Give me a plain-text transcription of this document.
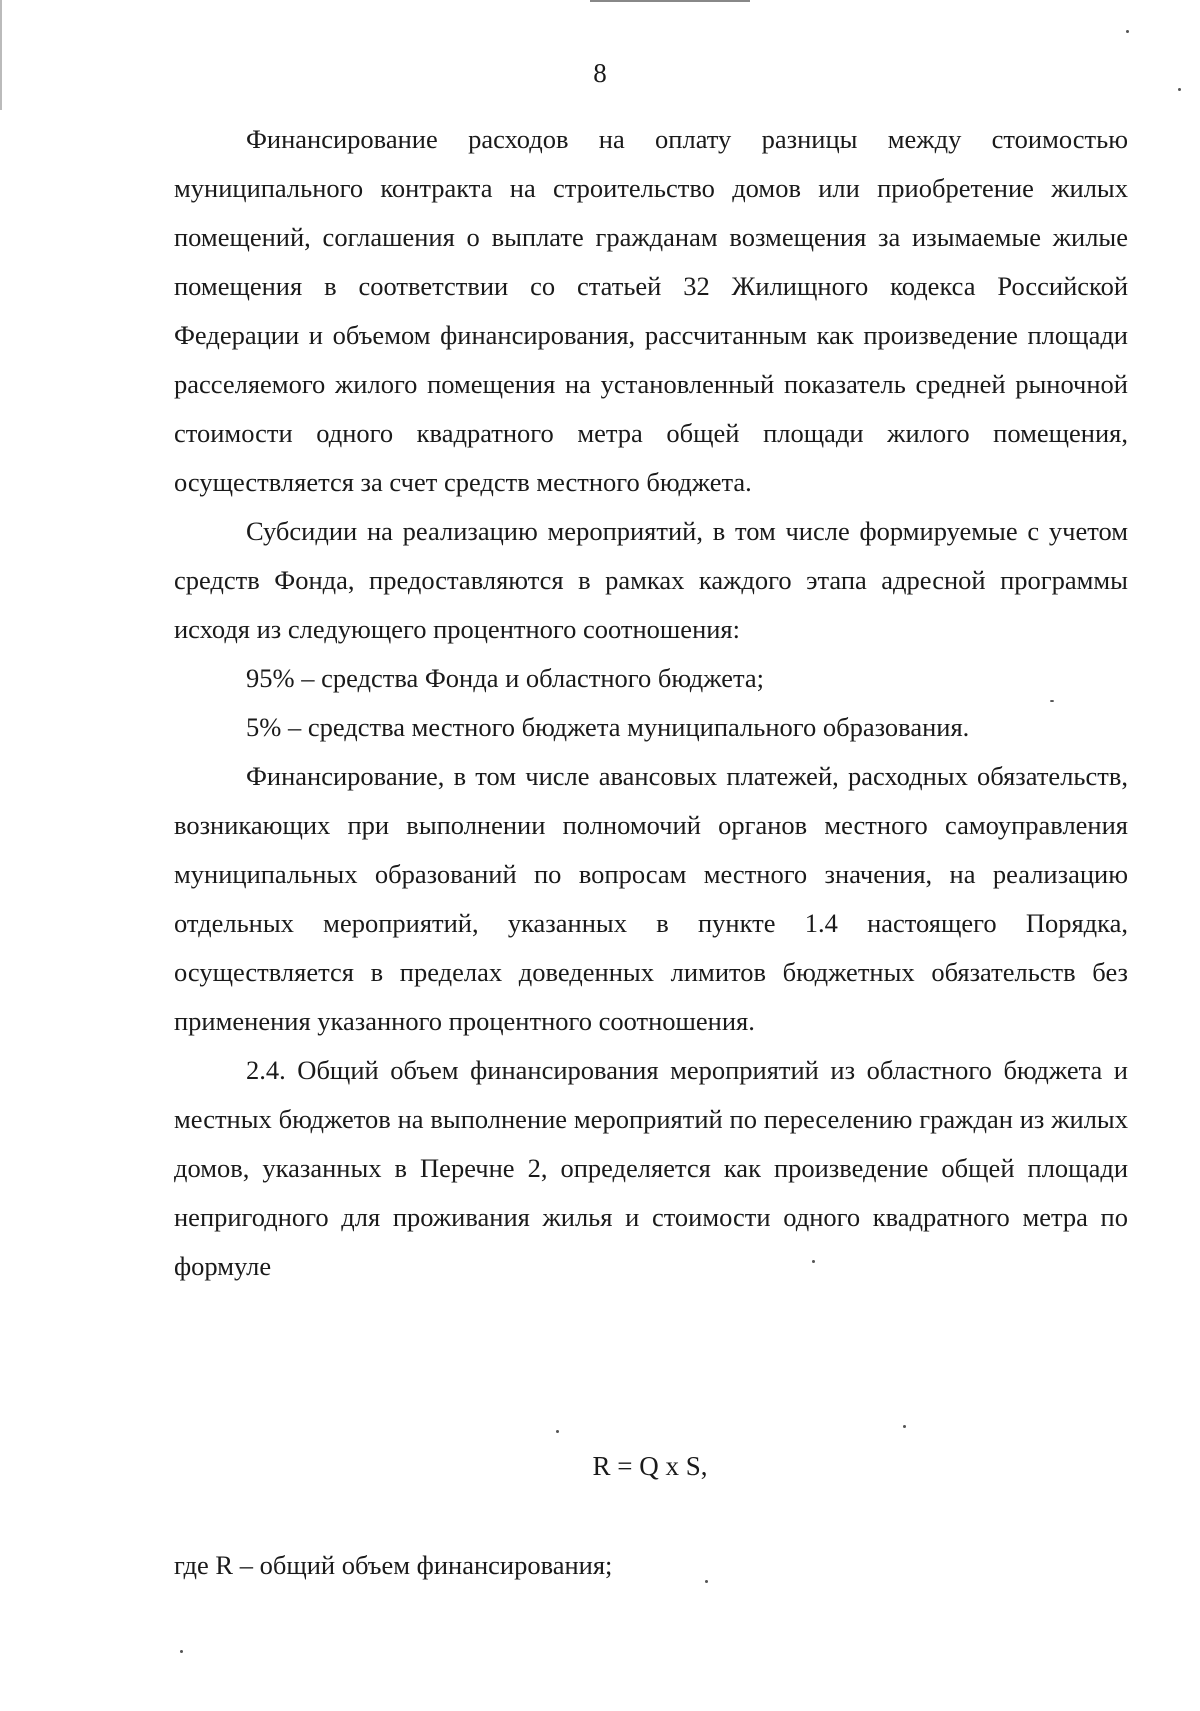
8

Финансирование расходов на оплату разницы между стоимостью муниципального контракта на строительство домов или приобретение жилых помещений, соглашения о выплате гражданам возмещения за изымаемые жилые помещения в соответствии со статьей 32 Жилищного кодекса Российской Федерации и объемом финансирования, рассчитанным как произведение площади расселяемого жилого помещения на установленный показатель средней рыночной стоимости одного квадратного метра общей площади жилого помещения, осуществляется за счет средств местного бюджета.

Субсидии на реализацию мероприятий, в том числе формируемые с учетом средств Фонда, предоставляются в рамках каждого этапа адресной программы исходя из следующего процентного соотношения:

95% – средства Фонда и областного бюджета;

5% – средства местного бюджета муниципального образования.

Финансирование, в том числе авансовых платежей, расходных обязательств, возникающих при выполнении полномочий органов местного самоуправления муниципальных образований по вопросам местного значения, на реализацию отдельных мероприятий, указанных в пункте 1.4 настоящего Порядка, осуществляется в пределах доведенных лимитов бюджетных обязательств без применения указанного процентного соотношения.

2.4. Общий объем финансирования мероприятий из областного бюджета и местных бюджетов на выполнение мероприятий по переселению граждан из жилых домов, указанных в Перечне 2, определяется как произведение общей площади непригодного для проживания жилья и стоимости одного квадратного метра по формуле

R = Q x S,
где R – общий объем финансирования;
